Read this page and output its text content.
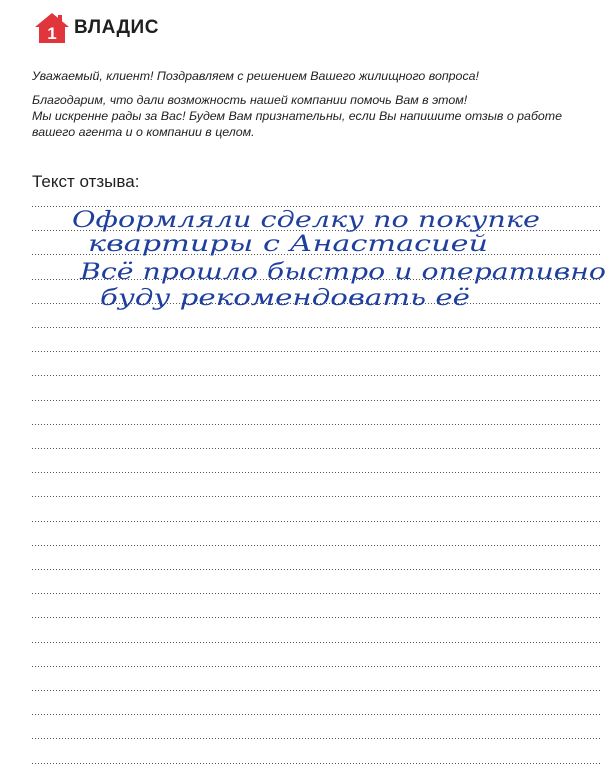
1 ВЛАДИС

Уважаемый, клиент! Поздравляем с решением Вашего жилищного вопроса!

Благодарим, что дали возможность нашей компании помочь Вам в этом!

Мы искренне рады за Вас! Будем Вам признательны, если Вы напишите отзыв о работе

вашего агента и о компании в целом.

Текст отзыва:
Оформляли сделку по покупке
квартиры с Анастасией
Всё прошло быстро и оперативно
буду рекомендовать её
